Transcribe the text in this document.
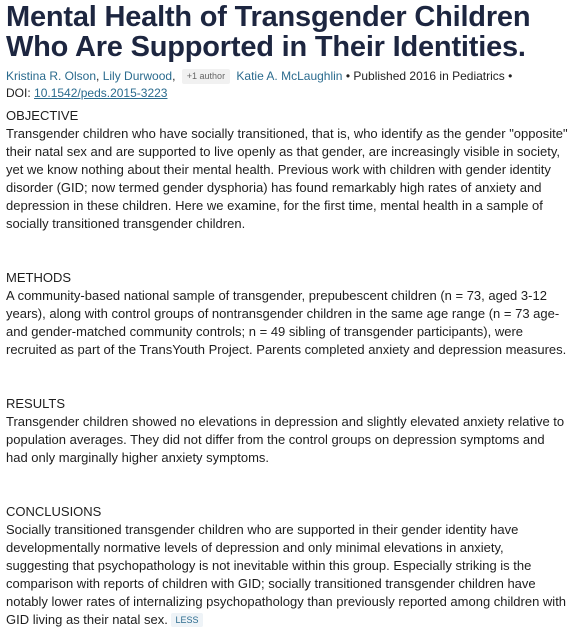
Mental Health of Transgender Children Who Are Supported in Their Identities.
Kristina R. Olson, Lily Durwood, +1 author Katie A. McLaughlin • Published 2016 in Pediatrics •
DOI: 10.1542/peds.2015-3223
OBJECTIVE
Transgender children who have socially transitioned, that is, who identify as the gender "opposite" their natal sex and are supported to live openly as that gender, are increasingly visible in society, yet we know nothing about their mental health. Previous work with children with gender identity disorder (GID; now termed gender dysphoria) has found remarkably high rates of anxiety and depression in these children. Here we examine, for the first time, mental health in a sample of socially transitioned transgender children.
METHODS
A community-based national sample of transgender, prepubescent children (n = 73, aged 3-12 years), along with control groups of nontransgender children in the same age range (n = 73 age- and gender-matched community controls; n = 49 sibling of transgender participants), were recruited as part of the TransYouth Project. Parents completed anxiety and depression measures.
RESULTS
Transgender children showed no elevations in depression and slightly elevated anxiety relative to population averages. They did not differ from the control groups on depression symptoms and had only marginally higher anxiety symptoms.
CONCLUSIONS
Socially transitioned transgender children who are supported in their gender identity have developmentally normative levels of depression and only minimal elevations in anxiety, suggesting that psychopathology is not inevitable within this group. Especially striking is the comparison with reports of children with GID; socially transitioned transgender children have notably lower rates of internalizing psychopathology than previously reported among children with GID living as their natal sex. LESS
